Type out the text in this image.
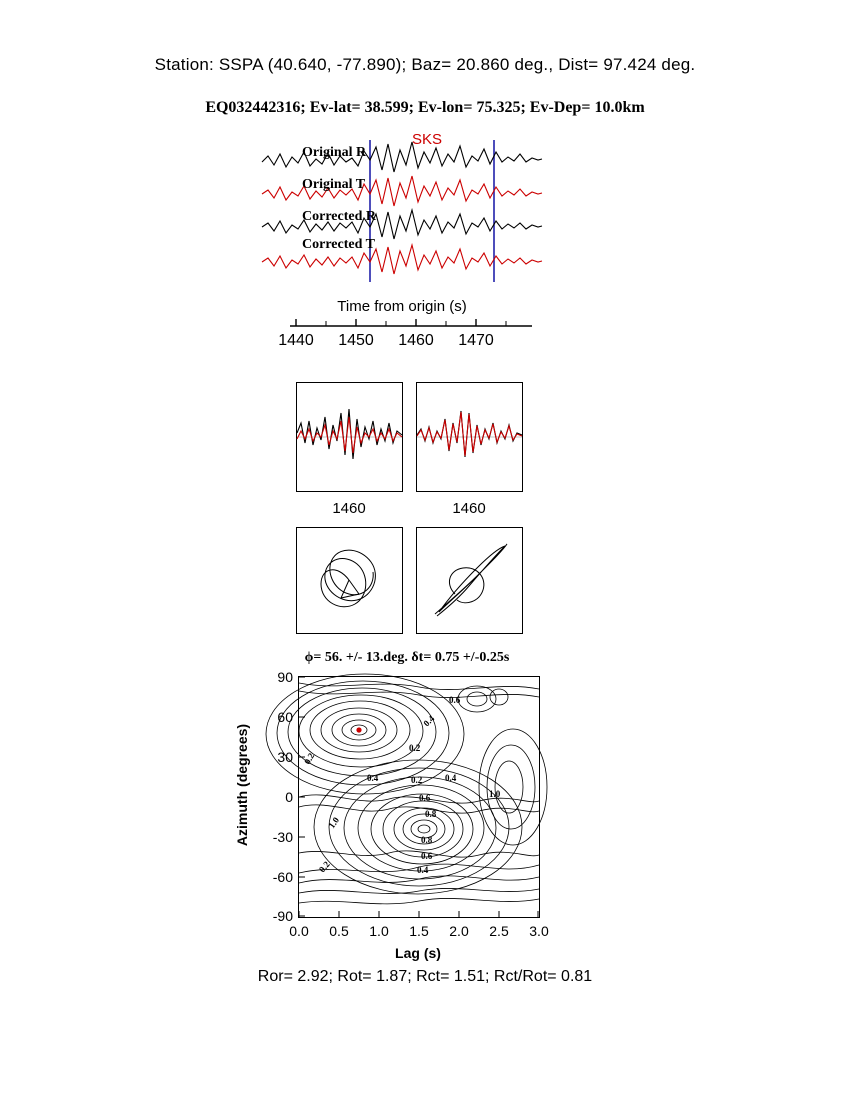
Station: SSPA (40.640, -77.890); Baz= 20.860 deg., Dist= 97.424 deg.
EQ032442316; Ev-lat= 38.599; Ev-lon= 75.325; Ev-Dep= 10.0km
SKS
Original R
Original T
Corrected R
Corrected T
Time from origin (s)
1440 1450 1460 1470
1460	1460
ϕ= 56. +/- 13.deg. δt= 0.75 +/-0.25s
Azimuth (degrees)	0.2
0.6
0.4
0.2
0.4	0.2	0.4
0.6	1.0
0.8
1.0
0.8
0.6
0.4
0.2
90
60
30
0
-30
-60
-90
0.0 0.5 1.0 1.5 2.0 2.5 3.0
Lag (s)
Ror= 2.92; Rot= 1.87; Rct= 1.51; Rct/Rot= 0.81
